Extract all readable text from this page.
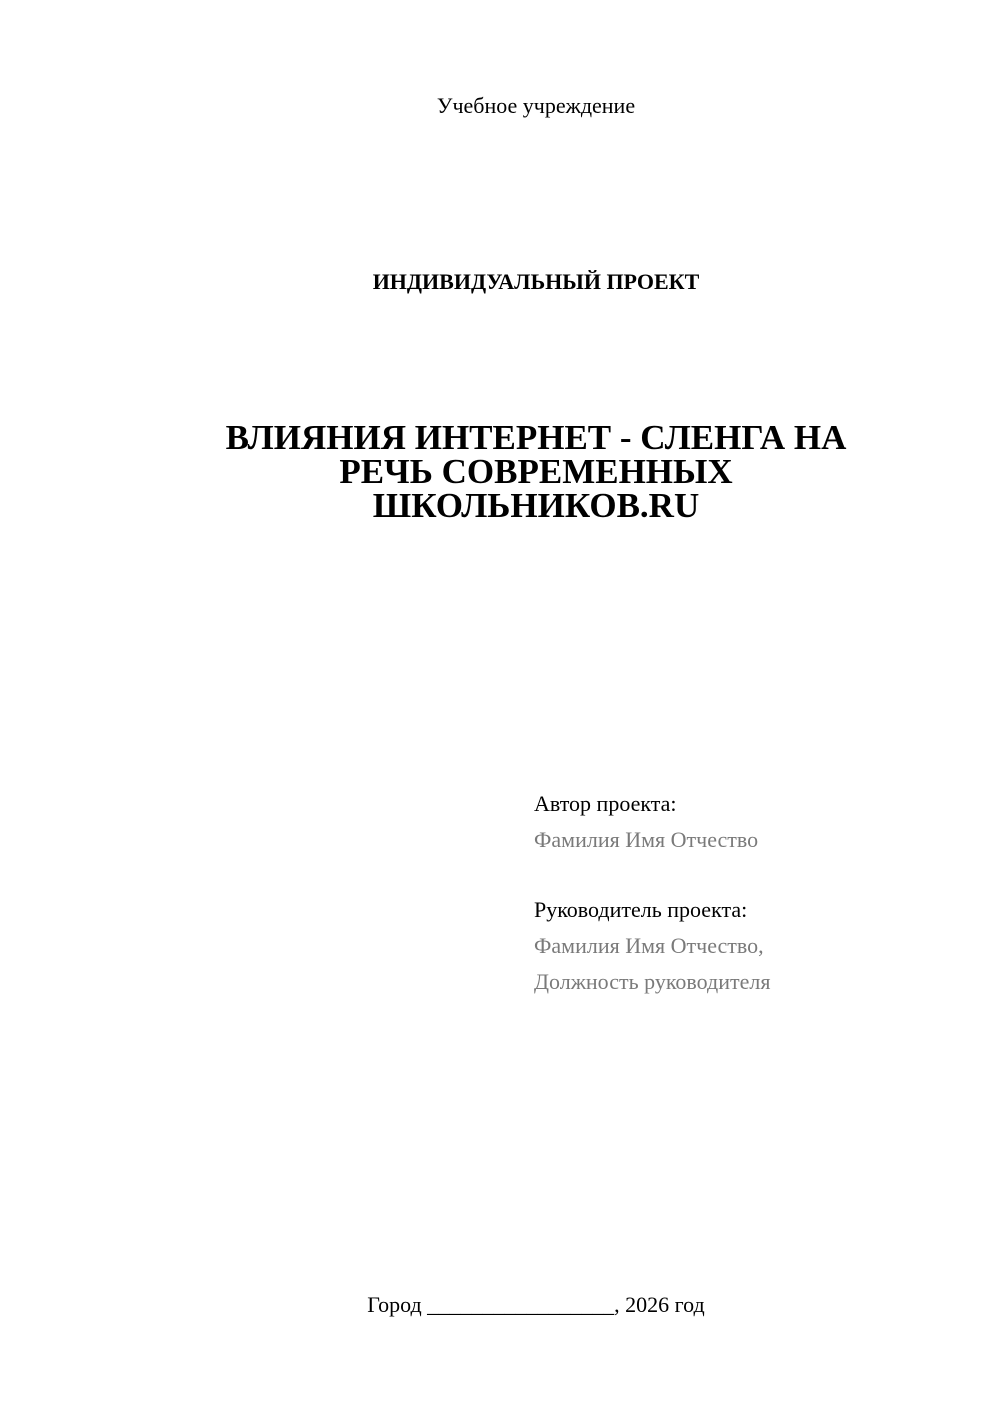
Учебное учреждение
ИНДИВИДУАЛЬНЫЙ ПРОЕКТ
ВЛИЯНИЯ ИНТЕРНЕТ - СЛЕНГА НА
РЕЧЬ СОВРЕМЕННЫХ
ШКОЛЬНИКОВ.RU
Автор проекта:
Фамилия Имя Отчество
Руководитель проекта:
Фамилия Имя Отчество,
Должность руководителя
Город _________________, 2026 год
